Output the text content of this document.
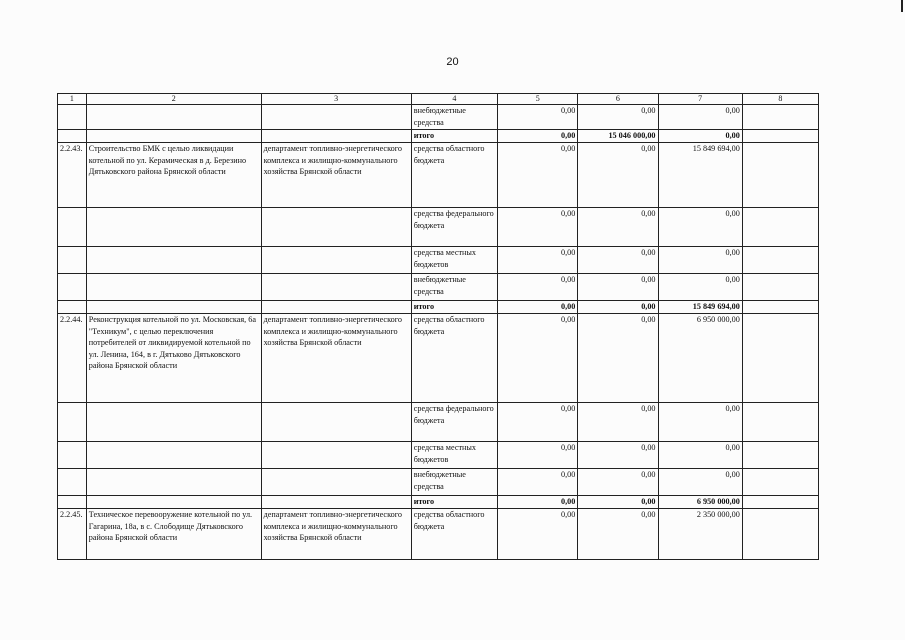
20
1	2	3	4	5	6	7	8
			внебюджетные средства	0,00	0,00	0,00	
			итого	0,00	15 046 000,00	0,00	
2.2.43.	Строительство БМК с целью ликвидации котельной по ул. Керамическая в д. Березино Дятьковского района Брянской области	департамент топливно-энергетического комплекса и жилищно-коммунального хозяйства Брянской области	средства областного бюджета	0,00	0,00	15 849 694,00	
			средства федерального бюджета	0,00	0,00	0,00	
			средства местных бюджетов	0,00	0,00	0,00	
			внебюджетные средства	0,00	0,00	0,00	
			итого	0,00	0,00	15 849 694,00	
2.2.44.	Реконструкция котельной по ул. Московская, 6а "Техникум", с целью переключения потребителей от ликвидируемой котельной по ул. Ленина, 164, в г. Дятьково Дятьковского района Брянской области	департамент топливно-энергетического комплекса и жилищно-коммунального хозяйства Брянской области	средства областного бюджета	0,00	0,00	6 950 000,00	
			средства федерального бюджета	0,00	0,00	0,00	
			средства местных бюджетов	0,00	0,00	0,00	
			внебюджетные средства	0,00	0,00	0,00	
			итого	0,00	0,00	6 950 000,00	
2.2.45.	Техническое перевооружение котельной по ул. Гагарина, 18а, в с. Слободище Дятьковского района Брянской области	департамент топливно-энергетического комплекса и жилищно-коммунального хозяйства Брянской области	средства областного бюджета	0,00	0,00	2 350 000,00	
